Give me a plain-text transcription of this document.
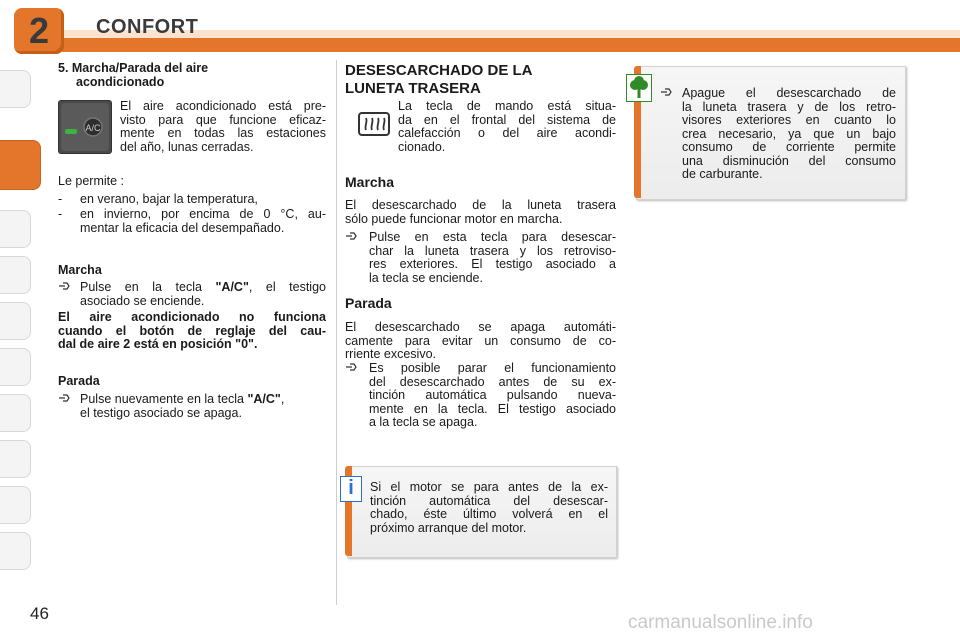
2	CONFORT
5. Marcha/Parada del aire
acondicionado
A/C
El aire acondicionado está pre-
visto para que funcione eficaz-
mente en todas las estaciones
del año, lunas cerradas.
Le permite :
- en verano, bajar la temperatura,
- en invierno, por encima de 0 °C, au-
mentar la eficacia del desempañado.
Marcha
Pulse en la tecla "A/C", el testigo
asociado se enciende.
El aire acondicionado no funciona
cuando el botón de reglaje del cau-
dal de aire 2 está en posición "0".
Parada
Pulse nuevamente en la tecla "A/C",
el testigo asociado se apaga.
DESESCARCHADO DE LA
LUNETA TRASERA
La tecla de mando está situa-
da en el frontal del sistema de
calefacción o del aire acondi-
cionado.
Marcha
El desescarchado de la luneta trasera
sólo puede funcionar motor en marcha.
Pulse en esta tecla para desescar-
char la luneta trasera y los retroviso-
res exteriores. El testigo asociado a
la tecla se enciende.
Parada
El desescarchado se apaga automáti-
camente para evitar un consumo de co-
rriente excesivo.
Es posible parar el funcionamiento
del desescarchado antes de su ex-
tinción automática pulsando nueva-
mente en la tecla. El testigo asociado
a la tecla se apaga.
i	Si el motor se para antes de la ex-
tinción automática del desescar-
chado, éste último volverá en el
próximo arranque del motor.
Apague el desescarchado de
la luneta trasera y de los retro-
visores exteriores en cuanto lo
crea necesario, ya que un bajo
consumo de corriente permite
una disminución del consumo
de carburante.
46	carmanualsonline.info
